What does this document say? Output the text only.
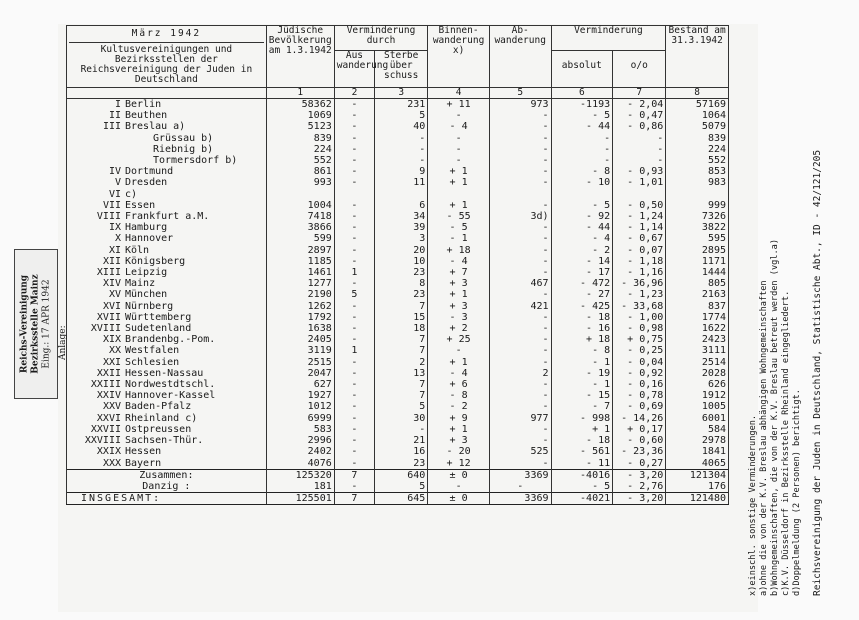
März 1942
Kultusvereinigungen und Bezirksstellen der Reichsvereinigung der Juden in Deutschland	Jüdische Bevölkerung am 1.3.1942	Verminderung durch		Binnen-wanderung x)	Ab-wanderung	Verminderung		Bestand am 31.3.1942
		Aus wanderung	Sterbe über schuss			absolut	o/o	
	1	2	3	4	5	6	7	8
I Berlin	58362	-	231	+ 11	973	-1193	- 2,04	57169
II Beuthen	1069	-	5	-	-	- 5	- 0,47	1064
III Breslau a)	5123	-	40	- 4	-	- 44	- 0,86	5079
Grüssau b)	839	-	-	-	-	-	-	839
Riebnig b)	224	-	-	-	-	-	-	224
Tormersdorf b)	552	-	-	-	-	-	-	552
IV Dortmund	861	-	9	+ 1	-	- 8	- 0,93	853
V Dresden	993	-	11	+ 1	-	- 10	- 1,01	983
VI c)								
VII Essen	1004	-	6	+ 1	-	- 5	- 0,50	999
VIII Frankfurt a.M.	7418	-	34	- 55	3d)	- 92	- 1,24	7326
IX Hamburg	3866	-	39	- 5	-	- 44	- 1,14	3822
X Hannover	599	-	3	- 1	-	- 4	- 0,67	595
XI Köln	2897	-	20	+ 18	-	- 2	- 0,07	2895
XII Königsberg	1185	-	10	- 4	-	- 14	- 1,18	1171
XIII Leipzig	1461	1	23	+ 7	-	- 17	- 1,16	1444
XIV Mainz	1277	-	8	+ 3	467	- 472	- 36,96	805
XV München	2190	5	23	+ 1	-	- 27	- 1,23	2163
XVI Nürnberg	1262	-	7	+ 3	421	- 425	- 33,68	837
XVII Württemberg	1792	-	15	- 3	-	- 18	- 1,00	1774
XVIII Sudetenland	1638	-	18	+ 2	-	- 16	- 0,98	1622
XIX Brandenbg.-Pom.	2405	-	7	+ 25	-	+ 18	+ 0,75	2423
XX Westfalen	3119	1	7	-	-	- 8	- 0,25	3111
XXI Schlesien	2515	-	2	+ 1	-	- 1	- 0,04	2514
XXII Hessen-Nassau	2047	-	13	- 4	2	- 19	- 0,92	2028
XXIII Nordwestdtschl.	627	-	7	+ 6	-	- 1	- 0,16	626
XXIV Hannover-Kassel	1927	-	7	- 8	-	- 15	- 0,78	1912
XXV Baden-Pfalz	1012	-	5	- 2	-	- 7	- 0,69	1005
XXVI Rheinland c)	6999	-	30	+ 9	977	- 998	- 14,26	6001
XXVII Ostpreussen	583	-	-	+ 1	-	+ 1	+ 0,17	584
XXVIII Sachsen-Thür.	2996	-	21	+ 3	-	- 18	- 0,60	2978
XXIX Hessen	2402	-	16	- 20	525	- 561	- 23,36	1841
XXX Bayern	4076	-	23	+ 12	-	- 11	- 0,27	4065
Zusammen:	125320	7	640	± 0	3369	-4016	- 3,20	121304
Danzig :	181	-	5	-	-	- 5	- 2,76	176
INSGESAMT:	125501	7	645	± 0	3369	-4021	- 3,20	121480
Reichs-Vereinigung Bezirksstelle Mainz Eing.: 17 APR 1942 Anlage:
x)einschl. sonstige Verminderungen. a)ohne die von der K.V. Breslau abhängigen Wohngemeinschaften b)Wohngemeinschaften, die von der K.V. Breslau betreut werden (vgl.a) c)K.V. Düsseldorf in Bezirksstelle Rheinland eingegliedert. d)Doppelmeldung (2 Personen) berichtigt. Reichsvereinigung der Juden in Deutschland, Statistische Abt., ID - 42/121/205
